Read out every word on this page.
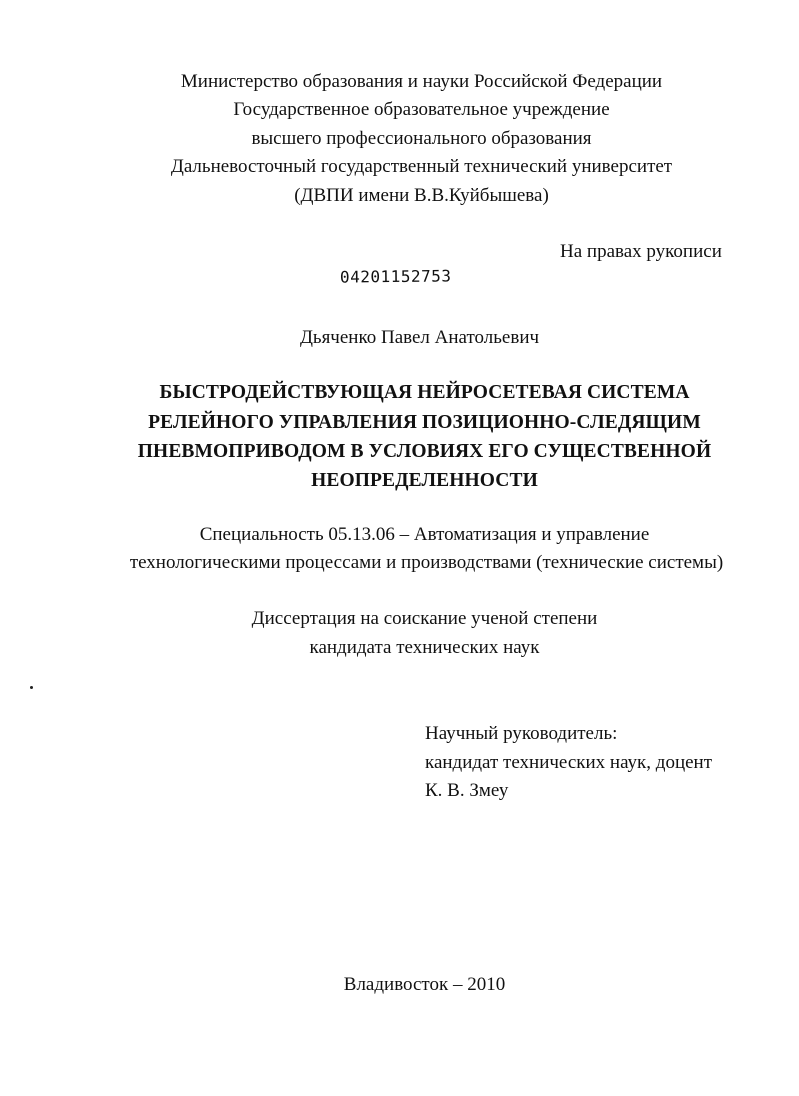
Министерство образования и науки Российской Федерации
Государственное образовательное учреждение
высшего профессионального образования
Дальневосточный государственный технический университет
(ДВПИ имени В.В.Куйбышева)
На правах рукописи
04201152753
Дьяченко Павел Анатольевич
БЫСТРОДЕЙСТВУЮЩАЯ НЕЙРОСЕТЕВАЯ СИСТЕМА
РЕЛЕЙНОГО УПРАВЛЕНИЯ ПОЗИЦИОННО-СЛЕДЯЩИМ
ПНЕВМОПРИВОДОМ В УСЛОВИЯХ ЕГО СУЩЕСТВЕННОЙ
НЕОПРЕДЕЛЕННОСТИ
Специальность 05.13.06 – Автоматизация и управление
технологическими процессами и производствами (технические системы)
Диссертация на соискание ученой степени
кандидата технических наук
Научный руководитель:
кандидат технических наук, доцент
К. В. Змеу
Владивосток – 2010
